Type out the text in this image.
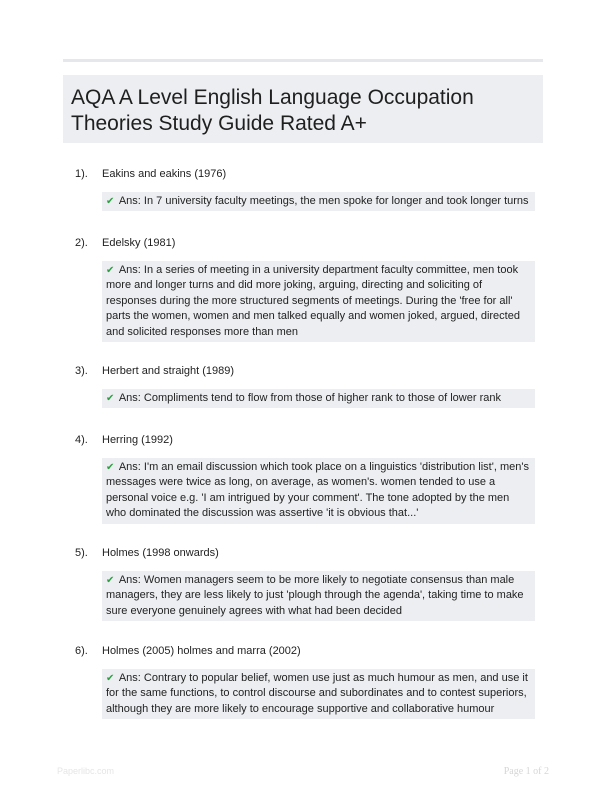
AQA A Level English Language Occupation
Theories Study Guide Rated A+
1). Eakins and eakins (1976)
✔ Ans: In 7 university faculty meetings, the men spoke for longer and took longer turns
2). Edelsky (1981)
✔ Ans: In a series of meeting in a university department faculty committee, men took more and longer turns and did more joking, arguing, directing and soliciting of responses during the more structured segments of meetings. During the 'free for all' parts the women, women and men talked equally and women joked, argued, directed and solicited responses more than men
3). Herbert and straight (1989)
✔ Ans: Compliments tend to flow from those of higher rank to those of lower rank
4). Herring (1992)
✔ Ans: I'm an email discussion which took place on a linguistics 'distribution list', men's messages were twice as long, on average, as women's. women tended to use a personal voice e.g. 'I am intrigued by your comment'. The tone adopted by the men who dominated the discussion was assertive 'it is obvious that...'
5). Holmes (1998 onwards)
✔ Ans: Women managers seem to be more likely to negotiate consensus than male managers, they are less likely to just 'plough through the agenda', taking time to make sure everyone genuinely agrees with what had been decided
6). Holmes (2005) holmes and marra (2002)
✔ Ans: Contrary to popular belief, women use just as much humour as men, and use it for the same functions, to control discourse and subordinates and to contest superiors, although they are more likely to encourage supportive and collaborative humour
Paperlibc.com	Page 1 of 2
